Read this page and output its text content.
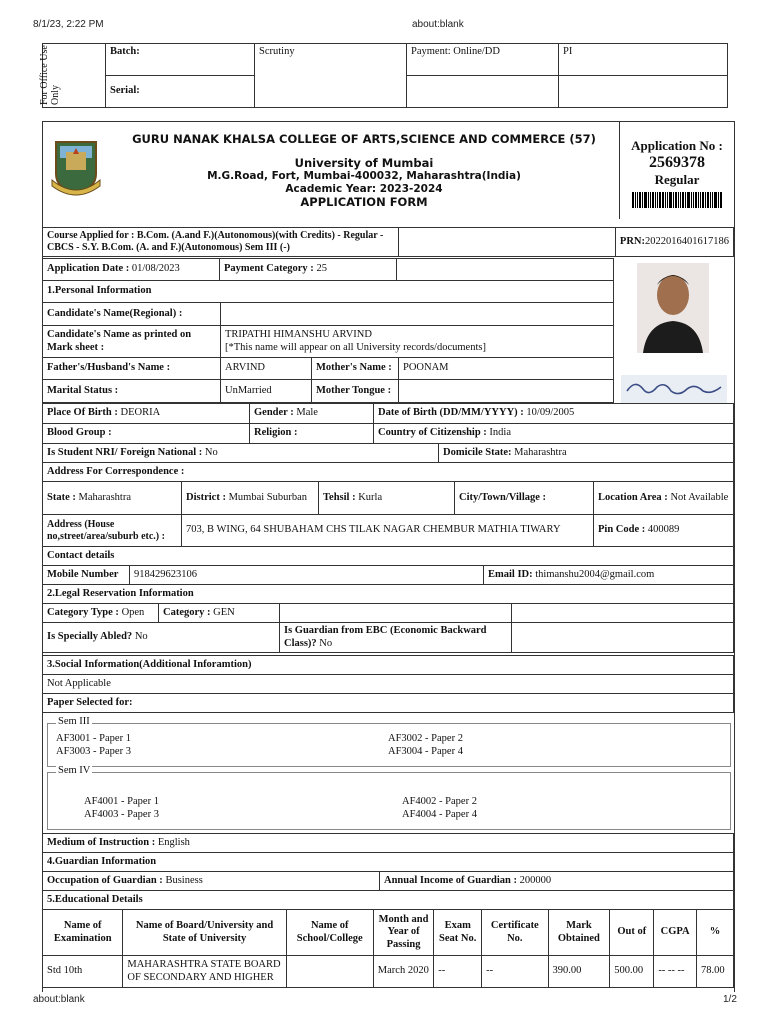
8/1/23, 2:22 PM	about:blank
For Office Use Only	Batch:	Scrutiny	Payment: Online/DD	PI
	Serial:			
GURU NANAK KHALSA COLLEGE OF ARTS,SCIENCE AND COMMERCE (57)
University of Mumbai
M.G.Road, Fort, Mumbai-400032, Maharashtra(India)
Academic Year: 2023-2024
APPLICATION FORM
Application No :
2569378
Regular
Course Applied for : B.Com. (A.and F.)(Autonomous)(with Credits) - Regular - CBCS - S.Y. B.Com. (A. and F.)(Autonomous) Sem III (-)		PRN:2022016401617186
Application Date : 01/08/2023	Payment Category : 25	
1.Personal Information
Candidate's Name(Regional) :			
Candidate's Name as printed on Mark sheet :	TRIPATHI HIMANSHU ARVIND
[*This name will appear on all University records/documents]		

Father's/Husband's Name :	ARVIND	Mother's Name :	POONAM
Marital Status :	UnMarried	Mother Tongue :	
Place Of Birth : DEORIA	Gender : Male	Date of Birth (DD/MM/YYYY) : 10/09/2005
Blood Group :	Religion :	Country of Citizenship : India
Is Student NRI/ Foreign National : No	Domicile State: Maharashtra
Address For Correspondence :
State : Maharashtra	District : Mumbai Suburban	Tehsil : Kurla	City/Town/Village :	Location Area : Not Available
Address (House no,street/area/suburb etc.) :	703, B WING, 64 SHUBAHAM CHS TILAK NAGAR CHEMBUR MATHIA TIWARY			Pin Code : 400089
Contact details
Mobile Number	918429623106	Email ID: thimanshu2004@gmail.com
2.Legal Reservation Information
Category Type : Open	Category : GEN		
Is Specially Abled? No		Is Guardian from EBC (Economic Backward Class)? No	
3.Social Information(Additional Inforamtion)
Not Applicable
Paper Selected for:
Sem III
AF3001 - Paper 1	AF3002 - Paper 2
AF3003 - Paper 3	AF3004 - Paper 4
Sem IV
AF4001 - Paper 1	AF4002 - Paper 2
AF4003 - Paper 3	AF4004 - Paper 4
Medium of Instruction : English
4.Guardian Information
Occupation of Guardian : Business	Annual Income of Guardian : 200000
5.Educational Details
Name of Examination	Name of Board/University and State of University	Name of School/College	Month and Year of Passing	Exam Seat No.	Certificate No.	Mark Obtained	Out of	CGPA	%
Std 10th	MAHARASHTRA STATE BOARD OF SECONDARY AND HIGHER		March 2020	--	--	390.00	500.00	-- -- --	78.00
about:blank	1/2
